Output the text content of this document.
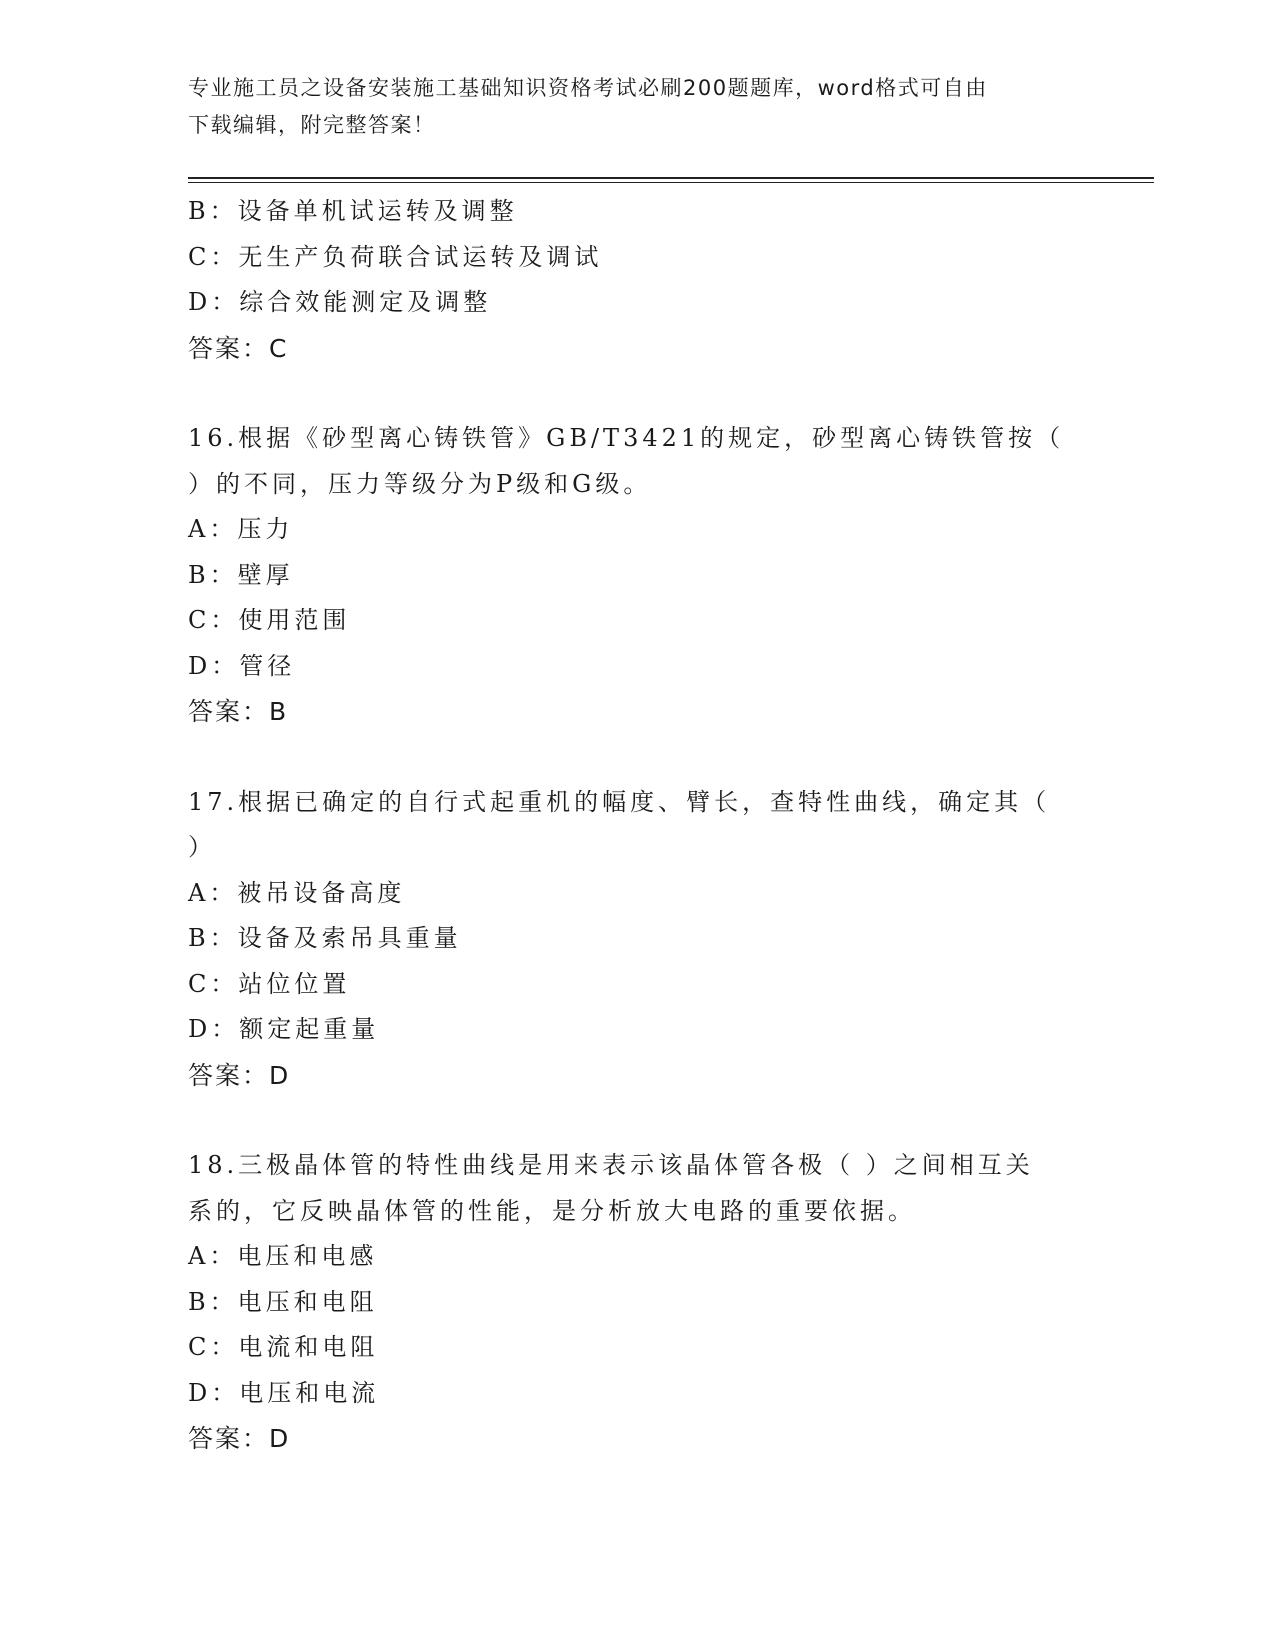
专业施工员之设备安装施工基础知识资格考试必刷200题题库，word格式可自由
下载编辑，附完整答案！
B：设备单机试运转及调整
C：无生产负荷联合试运转及调试
D：综合效能测定及调整
答案：C
16.根据《砂型离心铸铁管》GB/T3421的规定，砂型离心铸铁管按（
）的不同，压力等级分为P级和G级。
A：压力
B：壁厚
C：使用范围
D：管径
答案：B
17.根据已确定的自行式起重机的幅度、臂长，查特性曲线，确定其（
）
A：被吊设备高度
B：设备及索吊具重量
C：站位位置
D：额定起重量
答案：D
18.三极晶体管的特性曲线是用来表示该晶体管各极（ ）之间相互关
系的，它反映晶体管的性能，是分析放大电路的重要依据。
A：电压和电感
B：电压和电阻
C：电流和电阻
D：电压和电流
答案：D
